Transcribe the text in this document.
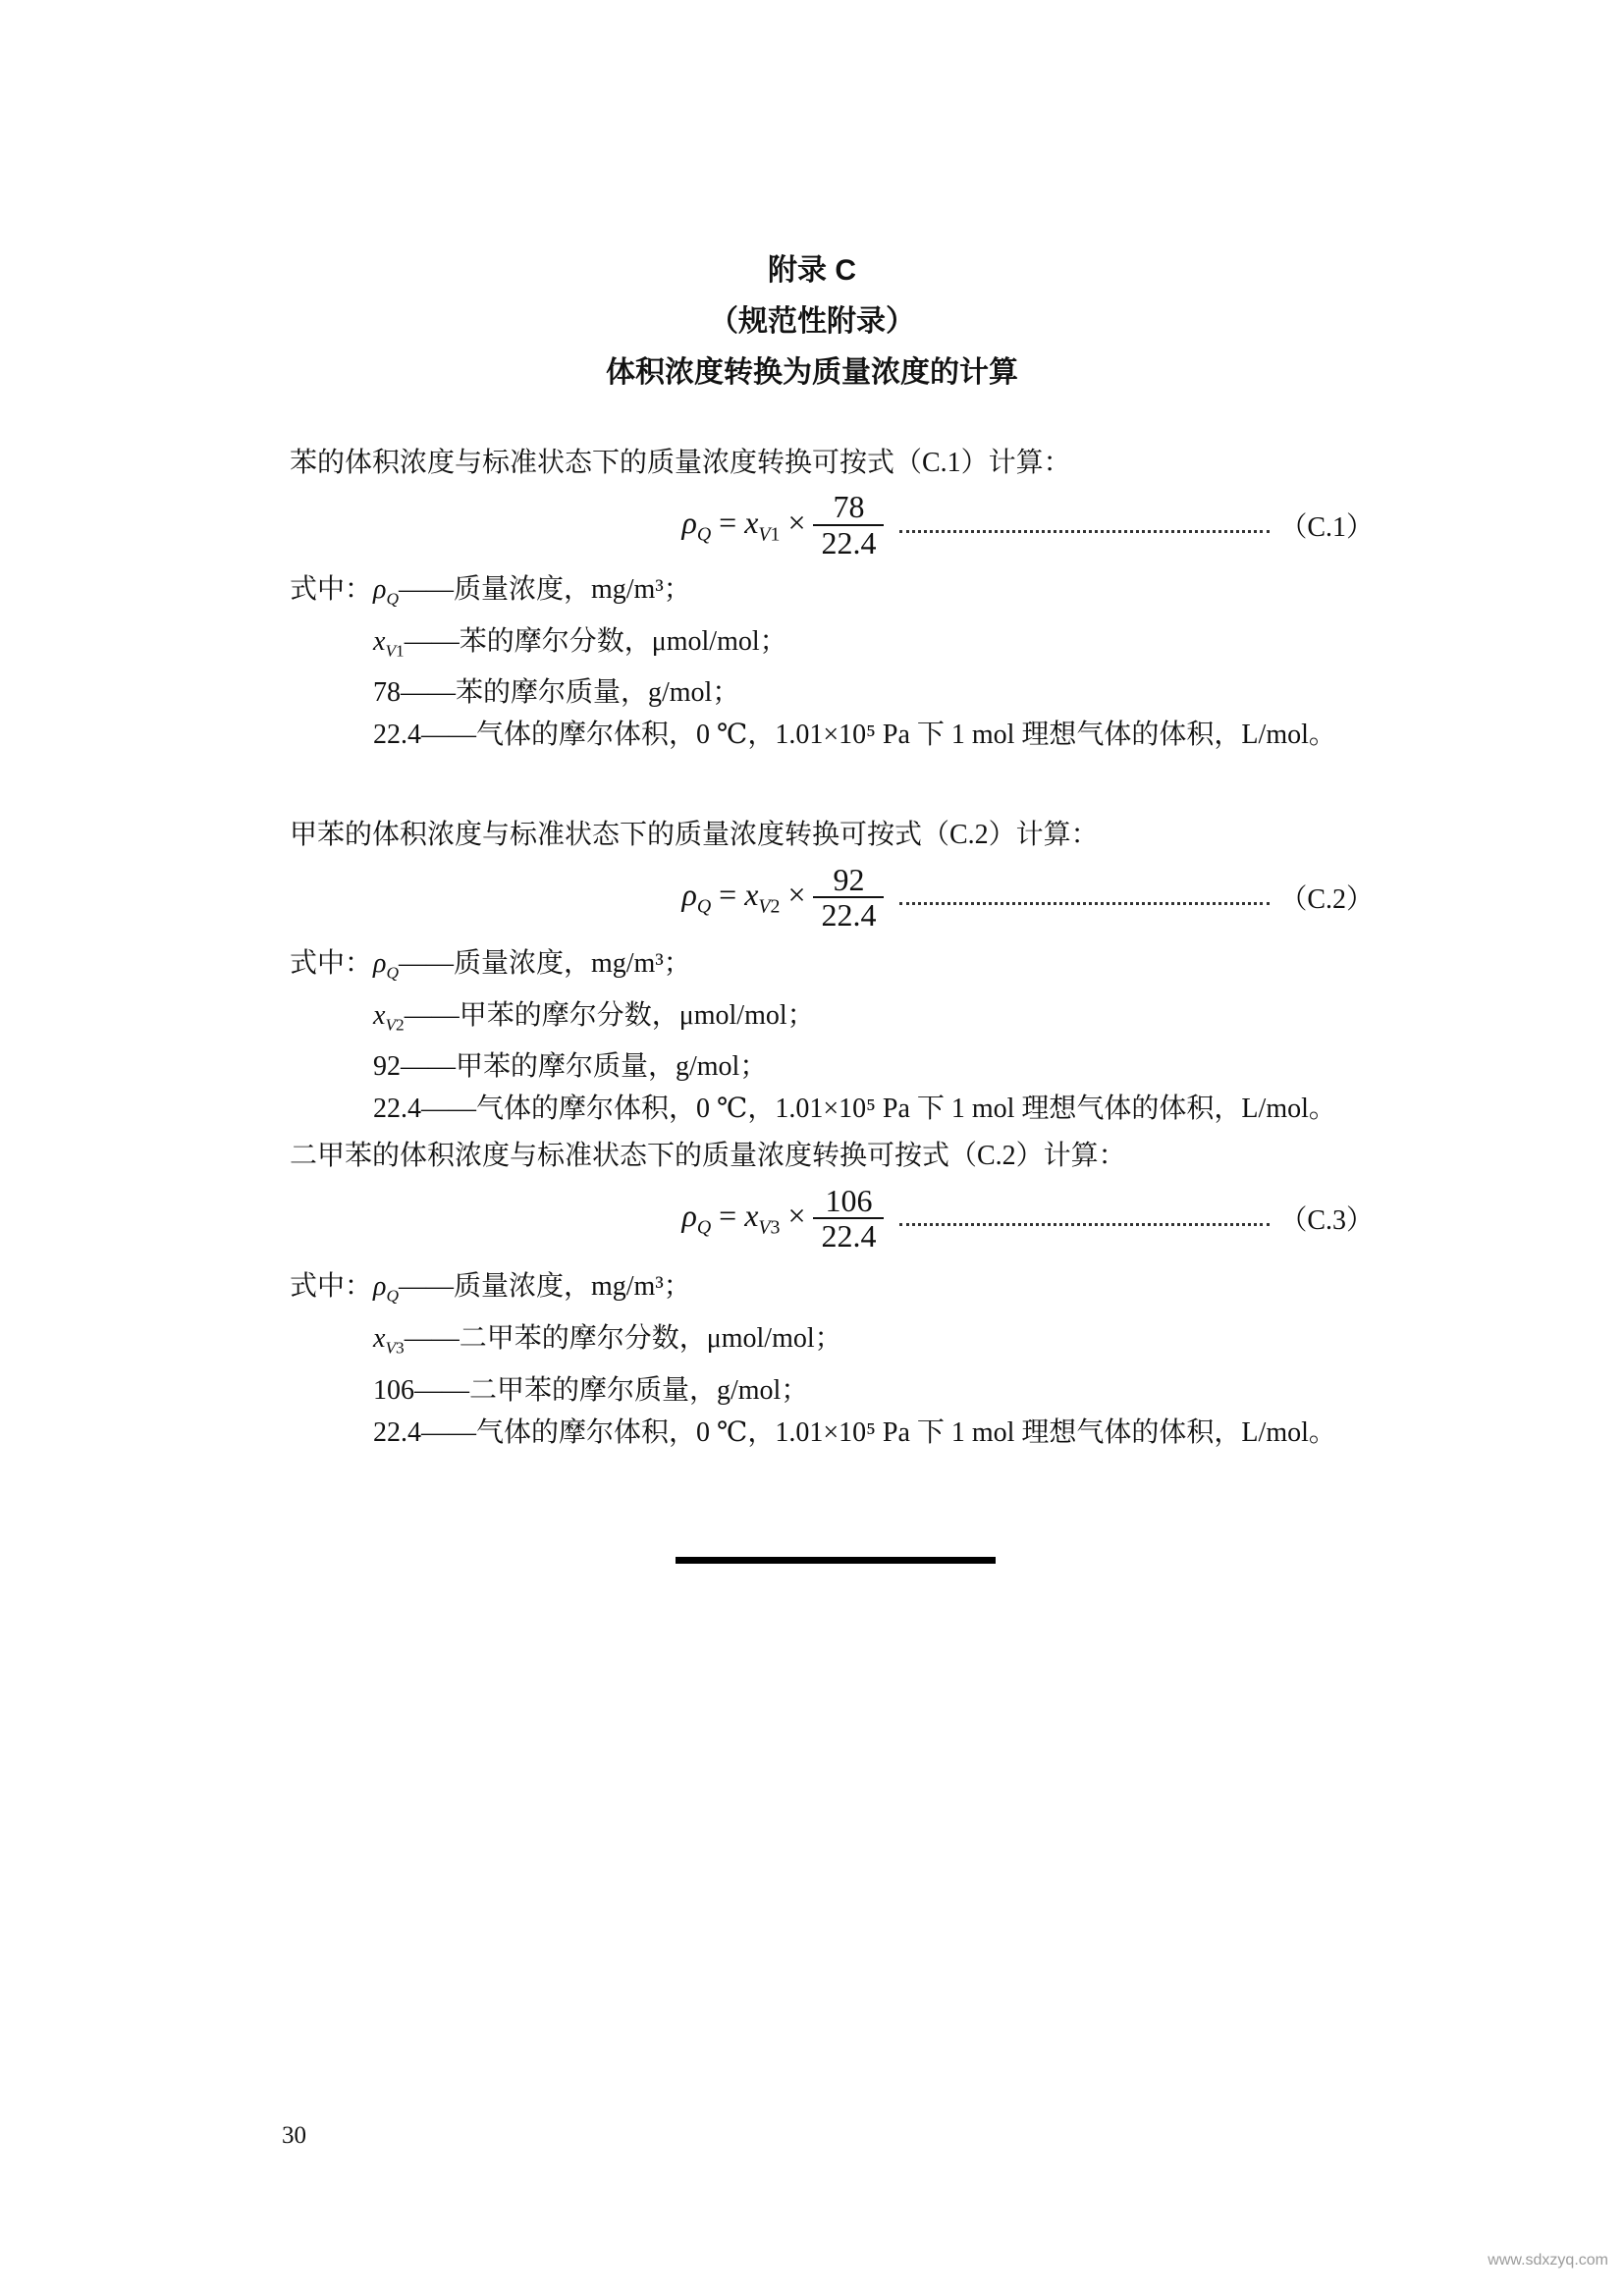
附录 C
（规范性附录）
体积浓度转换为质量浓度的计算

苯的体积浓度与标准状态下的质量浓度转换可按式（C.1）计算：

$\rho_Q = x_{V1} \times \frac{78}{22.4}$	（C.1）
式中： $\rho_Q$ —— 质量浓度，mg/m³；
$x_{V1}$ —— 苯的摩尔分数，μmol/mol；
78 —— 苯的摩尔质量，g/mol；
22.4 —— 气体的摩尔体积，0 ℃，1.01×10⁵ Pa 下 1 mol 理想气体的体积，L/mol。

甲苯的体积浓度与标准状态下的质量浓度转换可按式（C.2）计算：

$\rho_Q = x_{V2} \times \frac{92}{22.4}$	（C.2）
式中： $\rho_Q$ —— 质量浓度，mg/m³；
$x_{V2}$ —— 甲苯的摩尔分数，μmol/mol；
92 —— 甲苯的摩尔质量，g/mol；
22.4 —— 气体的摩尔体积，0 ℃，1.01×10⁵ Pa 下 1 mol 理想气体的体积，L/mol。

二甲苯的体积浓度与标准状态下的质量浓度转换可按式（C.2）计算：

$\rho_Q = x_{V3} \times \frac{106}{22.4}$	（C.3）
式中： $\rho_Q$ —— 质量浓度，mg/m³；
$x_{V3}$ —— 二甲苯的摩尔分数，μmol/mol；
106 —— 二甲苯的摩尔质量，g/mol；
22.4 —— 气体的摩尔体积，0 ℃，1.01×10⁵ Pa 下 1 mol 理想气体的体积，L/mol。
30
www.sdxzyq.com
